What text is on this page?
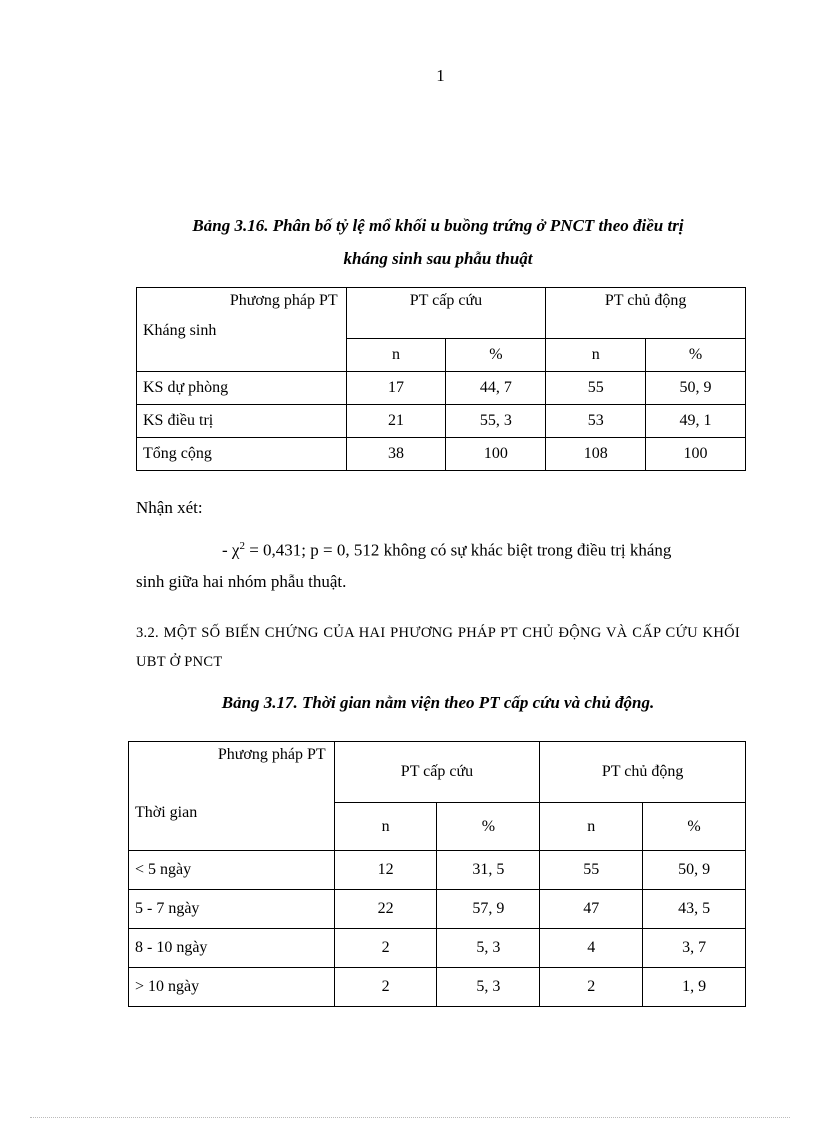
1
Bảng 3.16. Phân bố tỷ lệ mổ khối u buồng trứng ở PNCT theo điều trị
kháng sinh sau phẫu thuật
Phương pháp PT
Kháng sinh	PT cấp cứu		PT chủ động	
	n	%	n	%
KS dự phòng	17	44, 7	55	50, 9
KS điều trị	21	55, 3	53	49, 1
Tổng cộng	38	100	108	100
Nhận xét:
- $\chi^2 = 0,431$; p = 0, 512 không có sự khác biệt trong điều trị kháng
sinh giữa hai nhóm phẫu thuật.
3.2. MỘT SỐ BIẾN CHỨNG CỦA HAI PHƯƠNG PHÁP PT CHỦ ĐỘNG VÀ CẤP CỨU KHỐI UBT Ở PNCT
Bảng 3.17. Thời gian nằm viện theo PT cấp cứu và chủ động.
Phương pháp PT
Thời gian	PT cấp cứu		PT chủ động	
	n	%	n	%
< 5 ngày	12	31, 5	55	50, 9
5 - 7 ngày	22	57, 9	47	43, 5
8 - 10 ngày	2	5, 3	4	3, 7
> 10 ngày	2	5, 3	2	1, 9
